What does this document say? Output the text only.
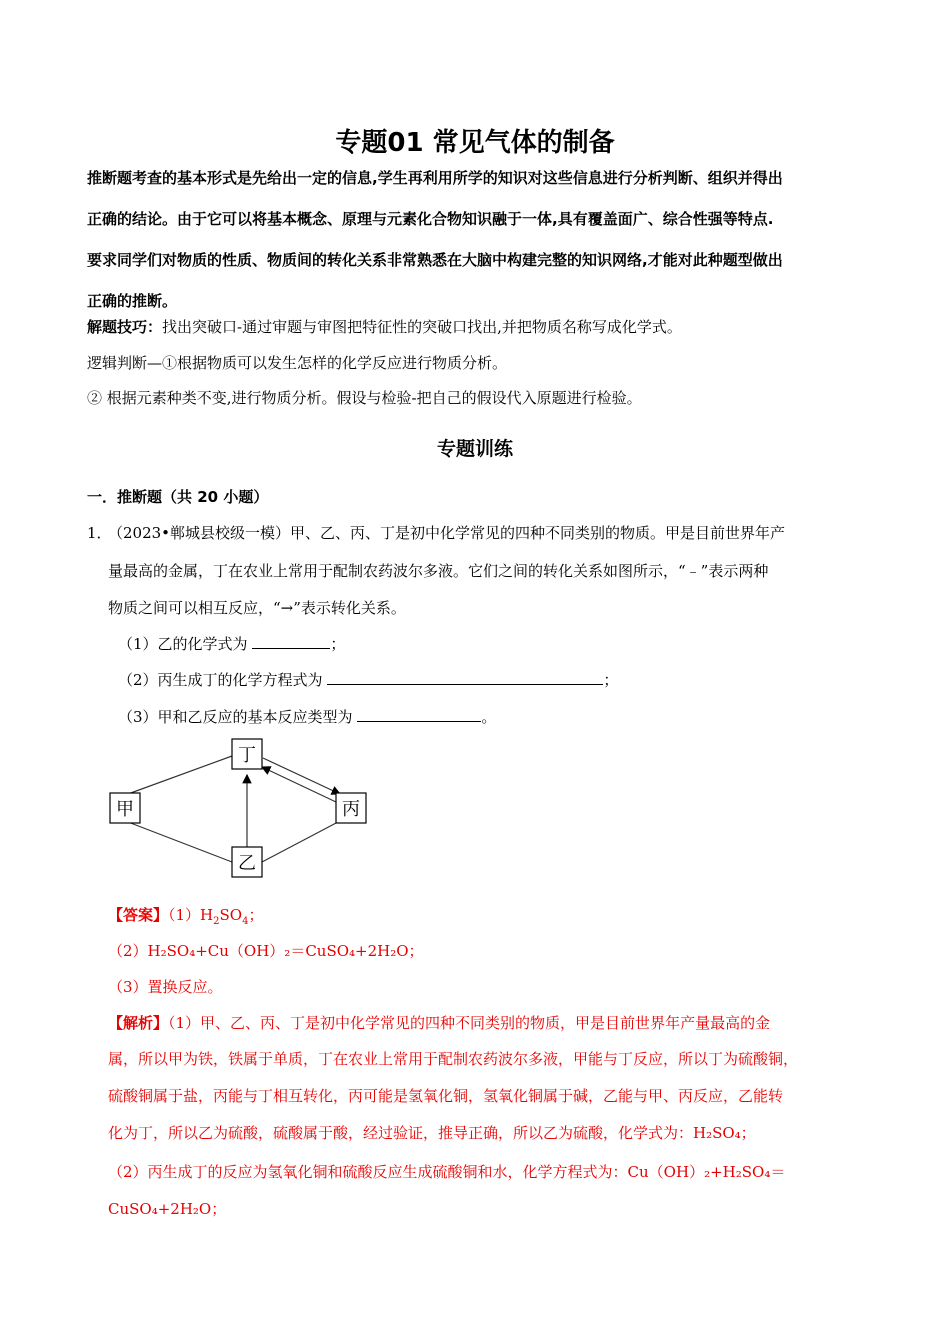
专题01 常见气体的制备
推断题考查的基本形式是先给出一定的信息,学生再利用所学的知识对这些信息进行分析判断、组织并得出
正确的结论。由于它可以将基本概念、原理与元素化合物知识融于一体,具有覆盖面广、综合性强等特点.
要求同学们对物质的性质、物质间的转化关系非常熟悉在大脑中构建完整的知识网络,才能对此种题型做出
正确的推断。
解题技巧：找出突破口-通过审题与审图把特征性的突破口找出,并把物质名称写成化学式。
逻辑判断—①根据物质可以发生怎样的化学反应进行物质分析。
② 根据元素种类不变,进行物质分析。假设与检验-把自己的假设代入原题进行检验。
专题训练
一．推断题（共 20 小题）
1．
（2023•郸城县校级一模）甲、乙、丙、丁是初中化学常见的四种不同类别的物质。甲是目前世界年产
量最高的金属，丁在农业上常用于配制农药波尔多液。它们之间的转化关系如图所示，“﹣”表示两种
物质之间可以相互反应，“→”表示转化关系。
（1）乙的化学式为	；
（2）丙生成丁的化学方程式为	；
（3）甲和乙反应的基本反应类型为	。
丁
甲	丙
乙
【答案】$(1)H_2SO_4$；
（2）H₂SO₄+Cu（OH）₂＝CuSO₄+2H₂O；
（3）置换反应。
【解析】（1）甲、乙、丙、丁是初中化学常见的四种不同类别的物质，甲是目前世界年产量最高的金
属，所以甲为铁，铁属于单质，丁在农业上常用于配制农药波尔多液，甲能与丁反应，所以丁为硫酸铜，
硫酸铜属于盐，丙能与丁相互转化，丙可能是氢氧化铜，氢氧化铜属于碱，乙能与甲、丙反应，乙能转
化为丁，所以乙为硫酸，硫酸属于酸，经过验证，推导正确，所以乙为硫酸，化学式为：H₂SO₄；
（2）丙生成丁的反应为氢氧化铜和硫酸反应生成硫酸铜和水，化学方程式为：Cu（OH）₂+H₂SO₄＝
CuSO₄+2H₂O；
